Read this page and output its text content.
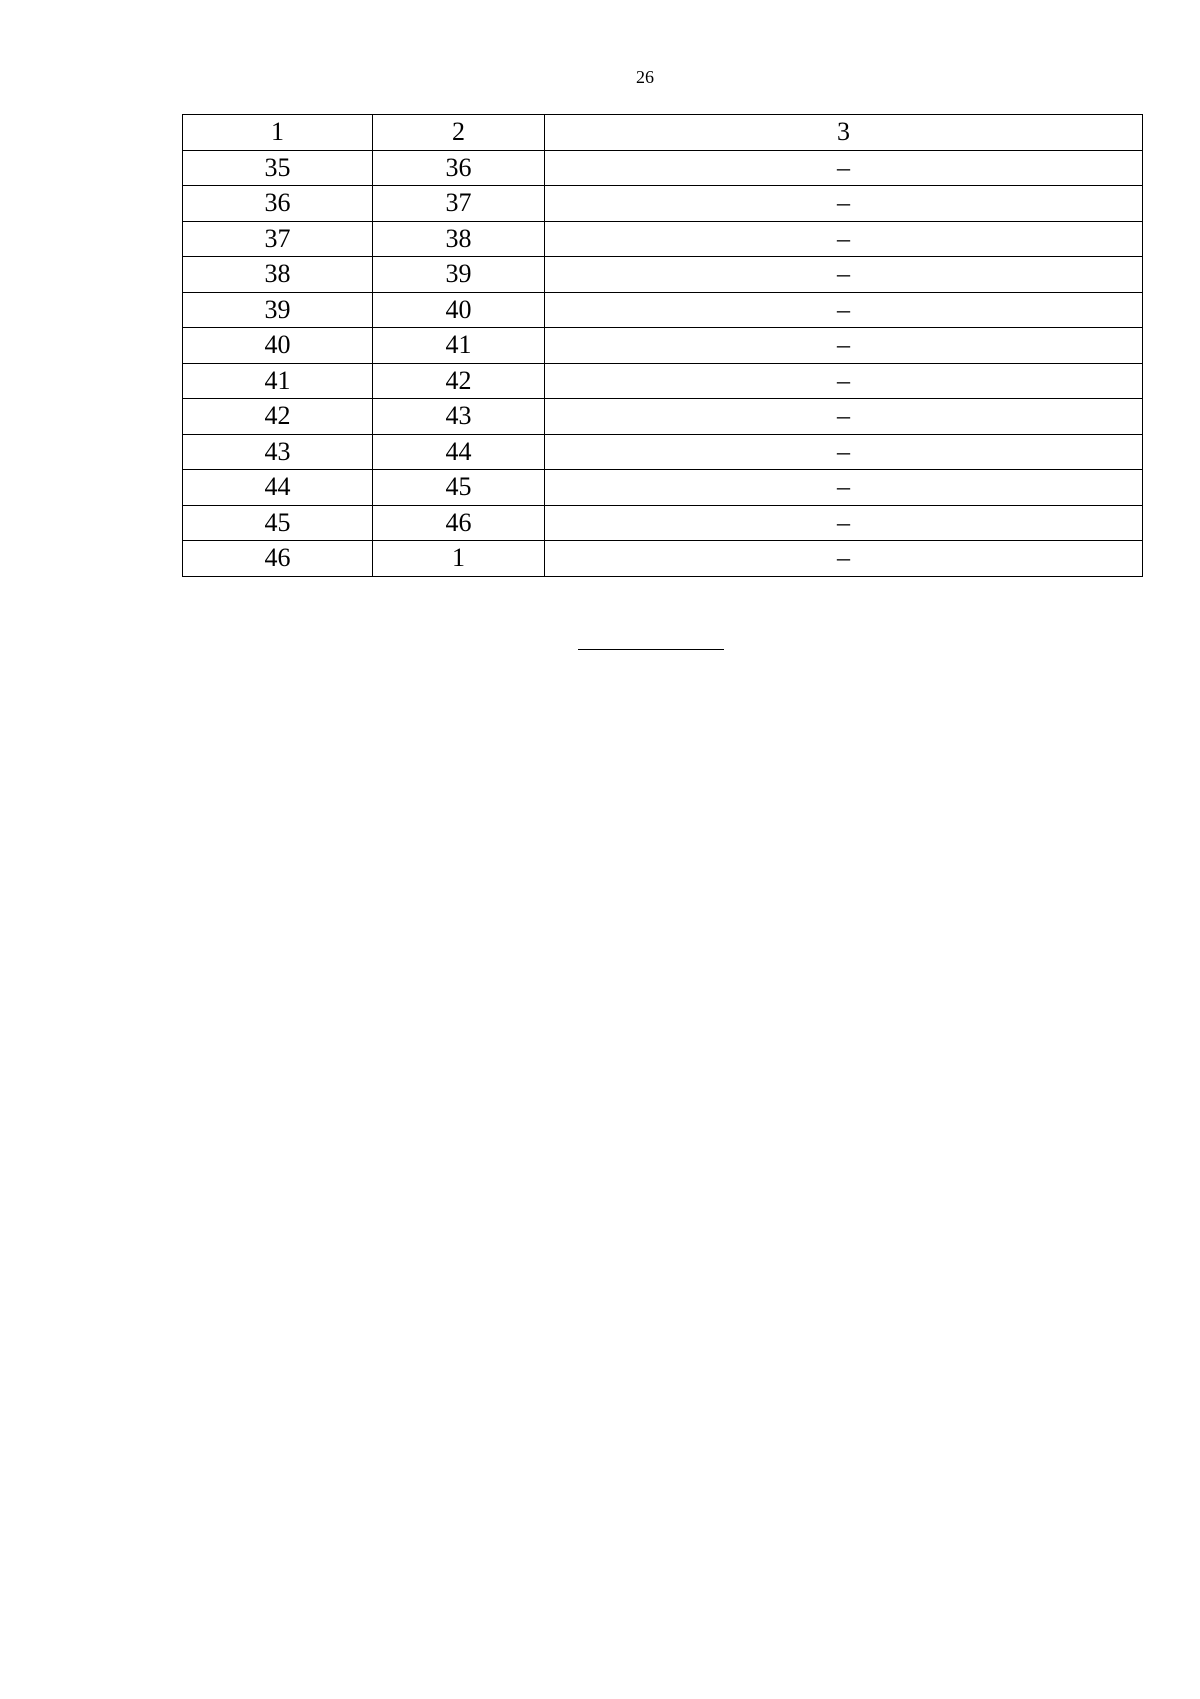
26
1	2	3
35	36	–
36	37	–
37	38	–
38	39	–
39	40	–
40	41	–
41	42	–
42	43	–
43	44	–
44	45	–
45	46	–
46	1	–
